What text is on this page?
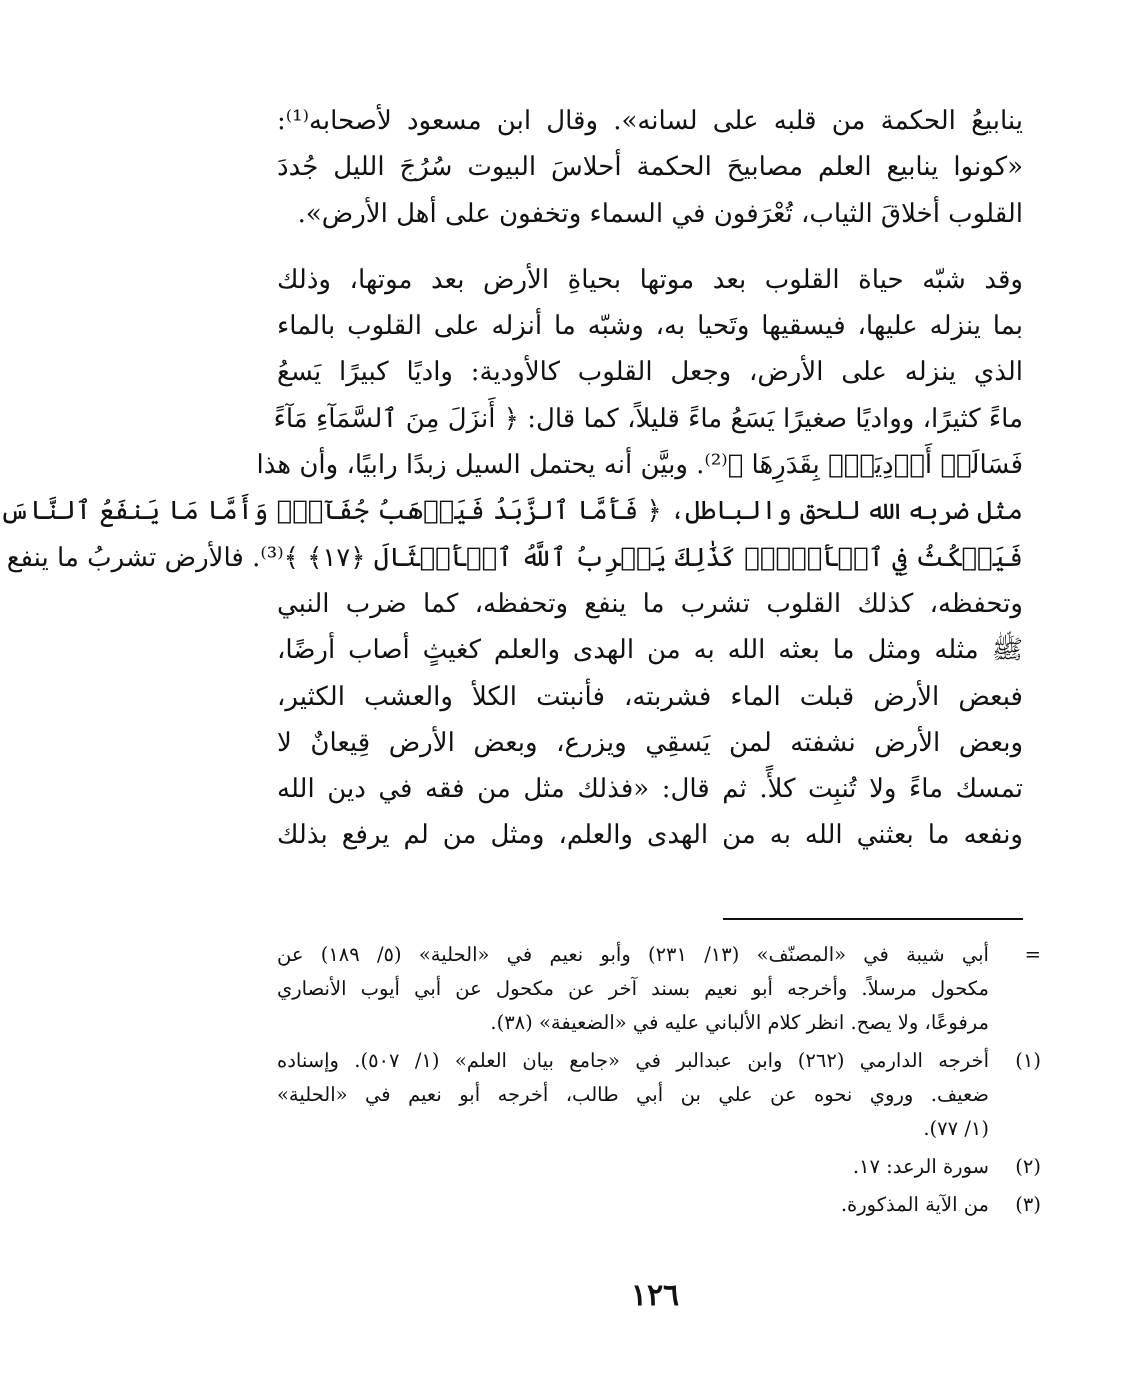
ينابيعُ الحكمة من قلبه على لسانه». وقال ابن مسعود لأصحابه⁽¹⁾:
«كونوا ينابيع العلم مصابيحَ الحكمة أحلاسَ البيوت سُرُجَ الليل جُددَ
القلوب أخلاقَ الثياب، تُعْرَفون في السماء وتخفون على أهل الأرض».
وقد شبّه حياة القلوب بعد موتها بحياةِ الأرض بعد موتها، وذلك
بما ينزله عليها، فيسقيها وتَحيا به، وشبّه ما أنزله على القلوب بالماء
الذي ينزله على الأرض، وجعل القلوب كالأودية: واديًا كبيرًا يَسعُ
ماءً كثيرًا، وواديًا صغيرًا يَسَعُ ماءً قليلاً، كما قال: ﴿ أَنزَلَ مِنَ ٱلسَّمَآءِ مَآءً
فَسَالَتۡ أَوۡدِيَةُۢ بِقَدَرِهَا ﴾⁽²⁾. وبيَّن أنه يحتمل السيل زبدًا رابيًا، وأن هذا
مثل ضربه الله للحق والباطل، ﴿ فَأَمَّا ٱلزَّبَدُ فَيَذۡهَبُ جُفَآءٗۖ وَأَمَّا مَا يَنفَعُ ٱلنَّاسَ
فَيَمۡكُثُ فِي ٱلۡأَرۡضِۚ كَذَٰلِكَ يَضۡرِبُ ٱللَّهُ ٱلۡأَمۡثَالَ ﴿١٧﴾ ﴾⁽³⁾. فالأرض تشربُ ما ينفع
وتحفظه، كذلك القلوب تشرب ما ينفع وتحفظه، كما ضرب النبي
ﷺ مثله ومثل ما بعثه الله به من الهدى والعلم كغيثٍ أصاب أرضًا،
فبعض الأرض قبلت الماء فشربته، فأنبتت الكلأ والعشب الكثير،
وبعض الأرض نشفته لمن يَسقِي ويزرع، وبعض الأرض قِيعانٌ لا
تمسك ماءً ولا تُنبِت كلأً. ثم قال: «فذلك مثل من فقه في دين الله
ونفعه ما بعثني الله به من الهدى والعلم، ومثل من لم يرفع بذلك
=
أبي شيبة في «المصنّف» (١٣/ ٢٣١) وأبو نعيم في «الحلية» (٥/ ١٨٩) عن
مكحول مرسلاً. وأخرجه أبو نعيم بسند آخر عن مكحول عن أبي أيوب الأنصاري
مرفوعًا، ولا يصح. انظر كلام الألباني عليه في «الضعيفة» (٣٨).
(١)
أخرجه الدارمي (٢٦٢) وابن عبدالبر في «جامع بيان العلم» (١/ ٥٠٧). وإسناده
ضعيف. وروي نحوه عن علي بن أبي طالب، أخرجه أبو نعيم في «الحلية»
(١/ ٧٧).
(٢)
سورة الرعد: ١٧.
(٣)
من الآية المذكورة.
١٢٦
